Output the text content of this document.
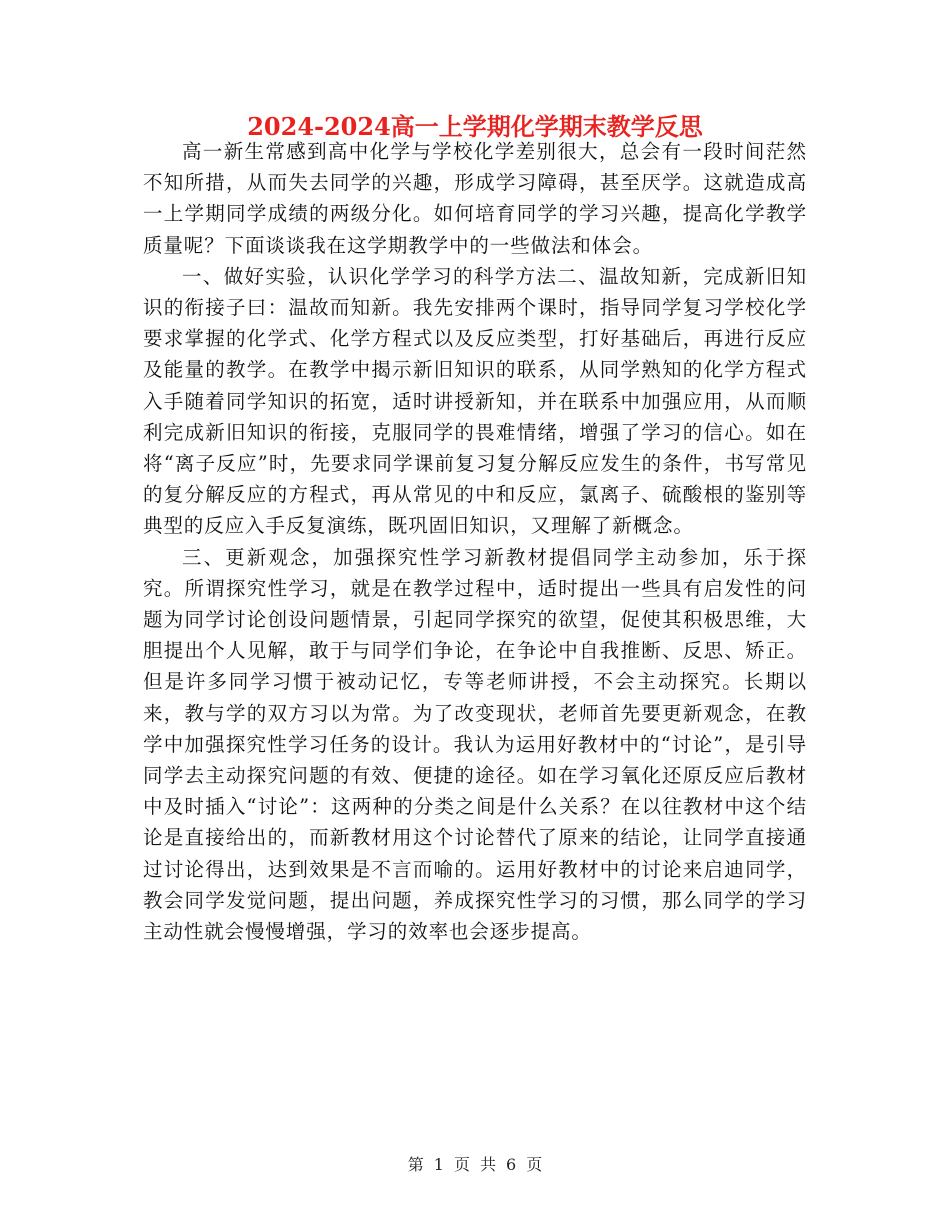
2024-2024高一上学期化学期末教学反思

高一新生常感到高中化学与学校化学差别很大，总会有一段时间茫然不知所措，从而失去同学的兴趣，形成学习障碍，甚至厌学。这就造成高一上学期同学成绩的两级分化。如何培育同学的学习兴趣，提高化学教学质量呢？下面谈谈我在这学期教学中的一些做法和体会。

一、做好实验，认识化学学习的科学方法二、温故知新，完成新旧知识的衔接子曰：温故而知新。我先安排两个课时，指导同学复习学校化学要求掌握的化学式、化学方程式以及反应类型，打好基础后，再进行反应及能量的教学。在教学中揭示新旧知识的联系，从同学熟知的化学方程式入手随着同学知识的拓宽，适时讲授新知，并在联系中加强应用，从而顺利完成新旧知识的衔接，克服同学的畏难情绪，增强了学习的信心。如在将“离子反应”时，先要求同学课前复习复分解反应发生的条件，书写常见的复分解反应的方程式，再从常见的中和反应，氯离子、硫酸根的鉴别等典型的反应入手反复演练，既巩固旧知识，又理解了新概念。

三、更新观念，加强探究性学习新教材提倡同学主动参加，乐于探究。所谓探究性学习，就是在教学过程中，适时提出一些具有启发性的问题为同学讨论创设问题情景，引起同学探究的欲望，促使其积极思维，大胆提出个人见解，敢于与同学们争论，在争论中自我推断、反思、矫正。但是许多同学习惯于被动记忆，专等老师讲授，不会主动探究。长期以来，教与学的双方习以为常。为了改变现状，老师首先要更新观念，在教学中加强探究性学习任务的设计。我认为运用好教材中的“讨论”，是引导同学去主动探究问题的有效、便捷的途径。如在学习氧化还原反应后教材中及时插入“讨论”：这两种的分类之间是什么关系？在以往教材中这个结论是直接给出的，而新教材用这个讨论替代了原来的结论，让同学直接通过讨论得出，达到效果是不言而喻的。运用好教材中的讨论来启迪同学，教会同学发觉问题，提出问题，养成探究性学习的习惯，那么同学的学习主动性就会慢慢增强，学习的效率也会逐步提高。

第 1 页 共 6 页
